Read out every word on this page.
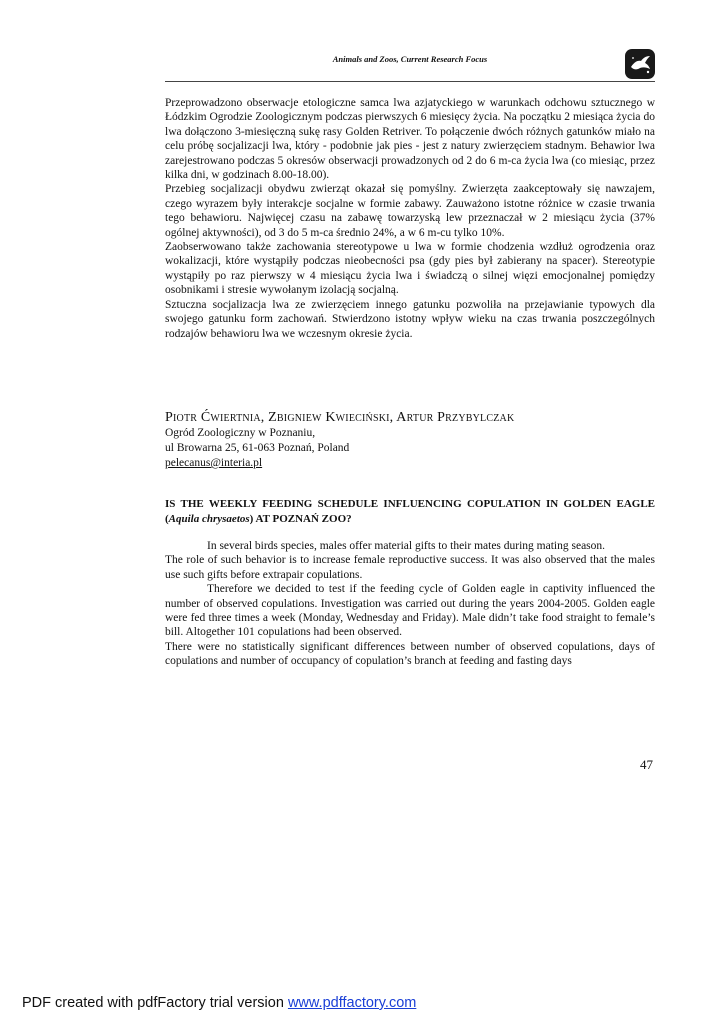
Animals and Zoos, Current Research Focus

Przeprowadzono obserwacje etologiczne samca lwa azjatyckiego w warunkach odchowu sztucznego w Łódzkim Ogrodzie Zoologicznym podczas pierwszych 6 miesięcy życia. Na początku 2 miesiąca życia do lwa dołączono 3-miesięczną sukę rasy Golden Retriver. To połączenie dwóch różnych gatunków miało na celu próbę socjalizacji lwa, który - podobnie jak pies - jest z natury zwierzęciem stadnym. Behawior lwa zarejestrowano podczas 5 okresów obserwacji prowadzonych od 2 do 6 m-ca życia lwa (co miesiąc, przez kilka dni, w godzinach 8.00-18.00).

Przebieg socjalizacji obydwu zwierząt okazał się pomyślny. Zwierzęta zaakceptowały się nawzajem, czego wyrazem były interakcje socjalne w formie zabawy. Zauważono istotne różnice w czasie trwania tego behawioru. Najwięcej czasu na zabawę towarzyską lew przeznaczał w 2 miesiącu życia (37% ogólnej aktywności), od 3 do 5 m-ca średnio 24%, a w 6 m-cu tylko 10%.

Zaobserwowano także zachowania stereotypowe u lwa w formie chodzenia wzdłuż ogrodzenia oraz wokalizacji, które wystąpiły podczas nieobecności psa (gdy pies był zabierany na spacer). Stereotypie wystąpiły po raz pierwszy w 4 miesiącu życia lwa i świadczą o silnej więzi emocjonalnej pomiędzy osobnikami i stresie wywołanym izolacją socjalną.

Sztuczna socjalizacja lwa ze zwierzęciem innego gatunku pozwoliła na przejawianie typowych dla swojego gatunku form zachowań. Stwierdzono istotny wpływ wieku na czas trwania poszczególnych rodzajów behawioru lwa we wczesnym okresie życia.

Piotr Ćwiertnia, Zbigniew Kwieciński, Artur Przybylczak
Ogród Zoologiczny w Poznaniu,
ul Browarna 25, 61-063 Poznań, Poland
pelecanus@interia.pl
IS THE WEEKLY FEEDING SCHEDULE INFLUENCING COPULATION IN GOLDEN EAGLE (Aquila chrysaetos) AT POZNAŃ ZOO?

In several birds species, males offer material gifts to their mates during mating season.

The role of such behavior is to increase female reproductive success. It was also observed that the males use such gifts before extrapair copulations.

Therefore we decided to test if the feeding cycle of Golden eagle in captivity influenced the number of observed copulations. Investigation was carried out during the years 2004-2005. Golden eagle were fed three times a week (Monday, Wednesday and Friday). Male didn’t take food straight to female’s bill. Altogether 101 copulations had been observed.

There were no statistically significant differences between number of observed copulations, days of copulations and number of occupancy of copulation’s branch at feeding and fasting days

47
PDF created with pdfFactory trial version www.pdffactory.com
